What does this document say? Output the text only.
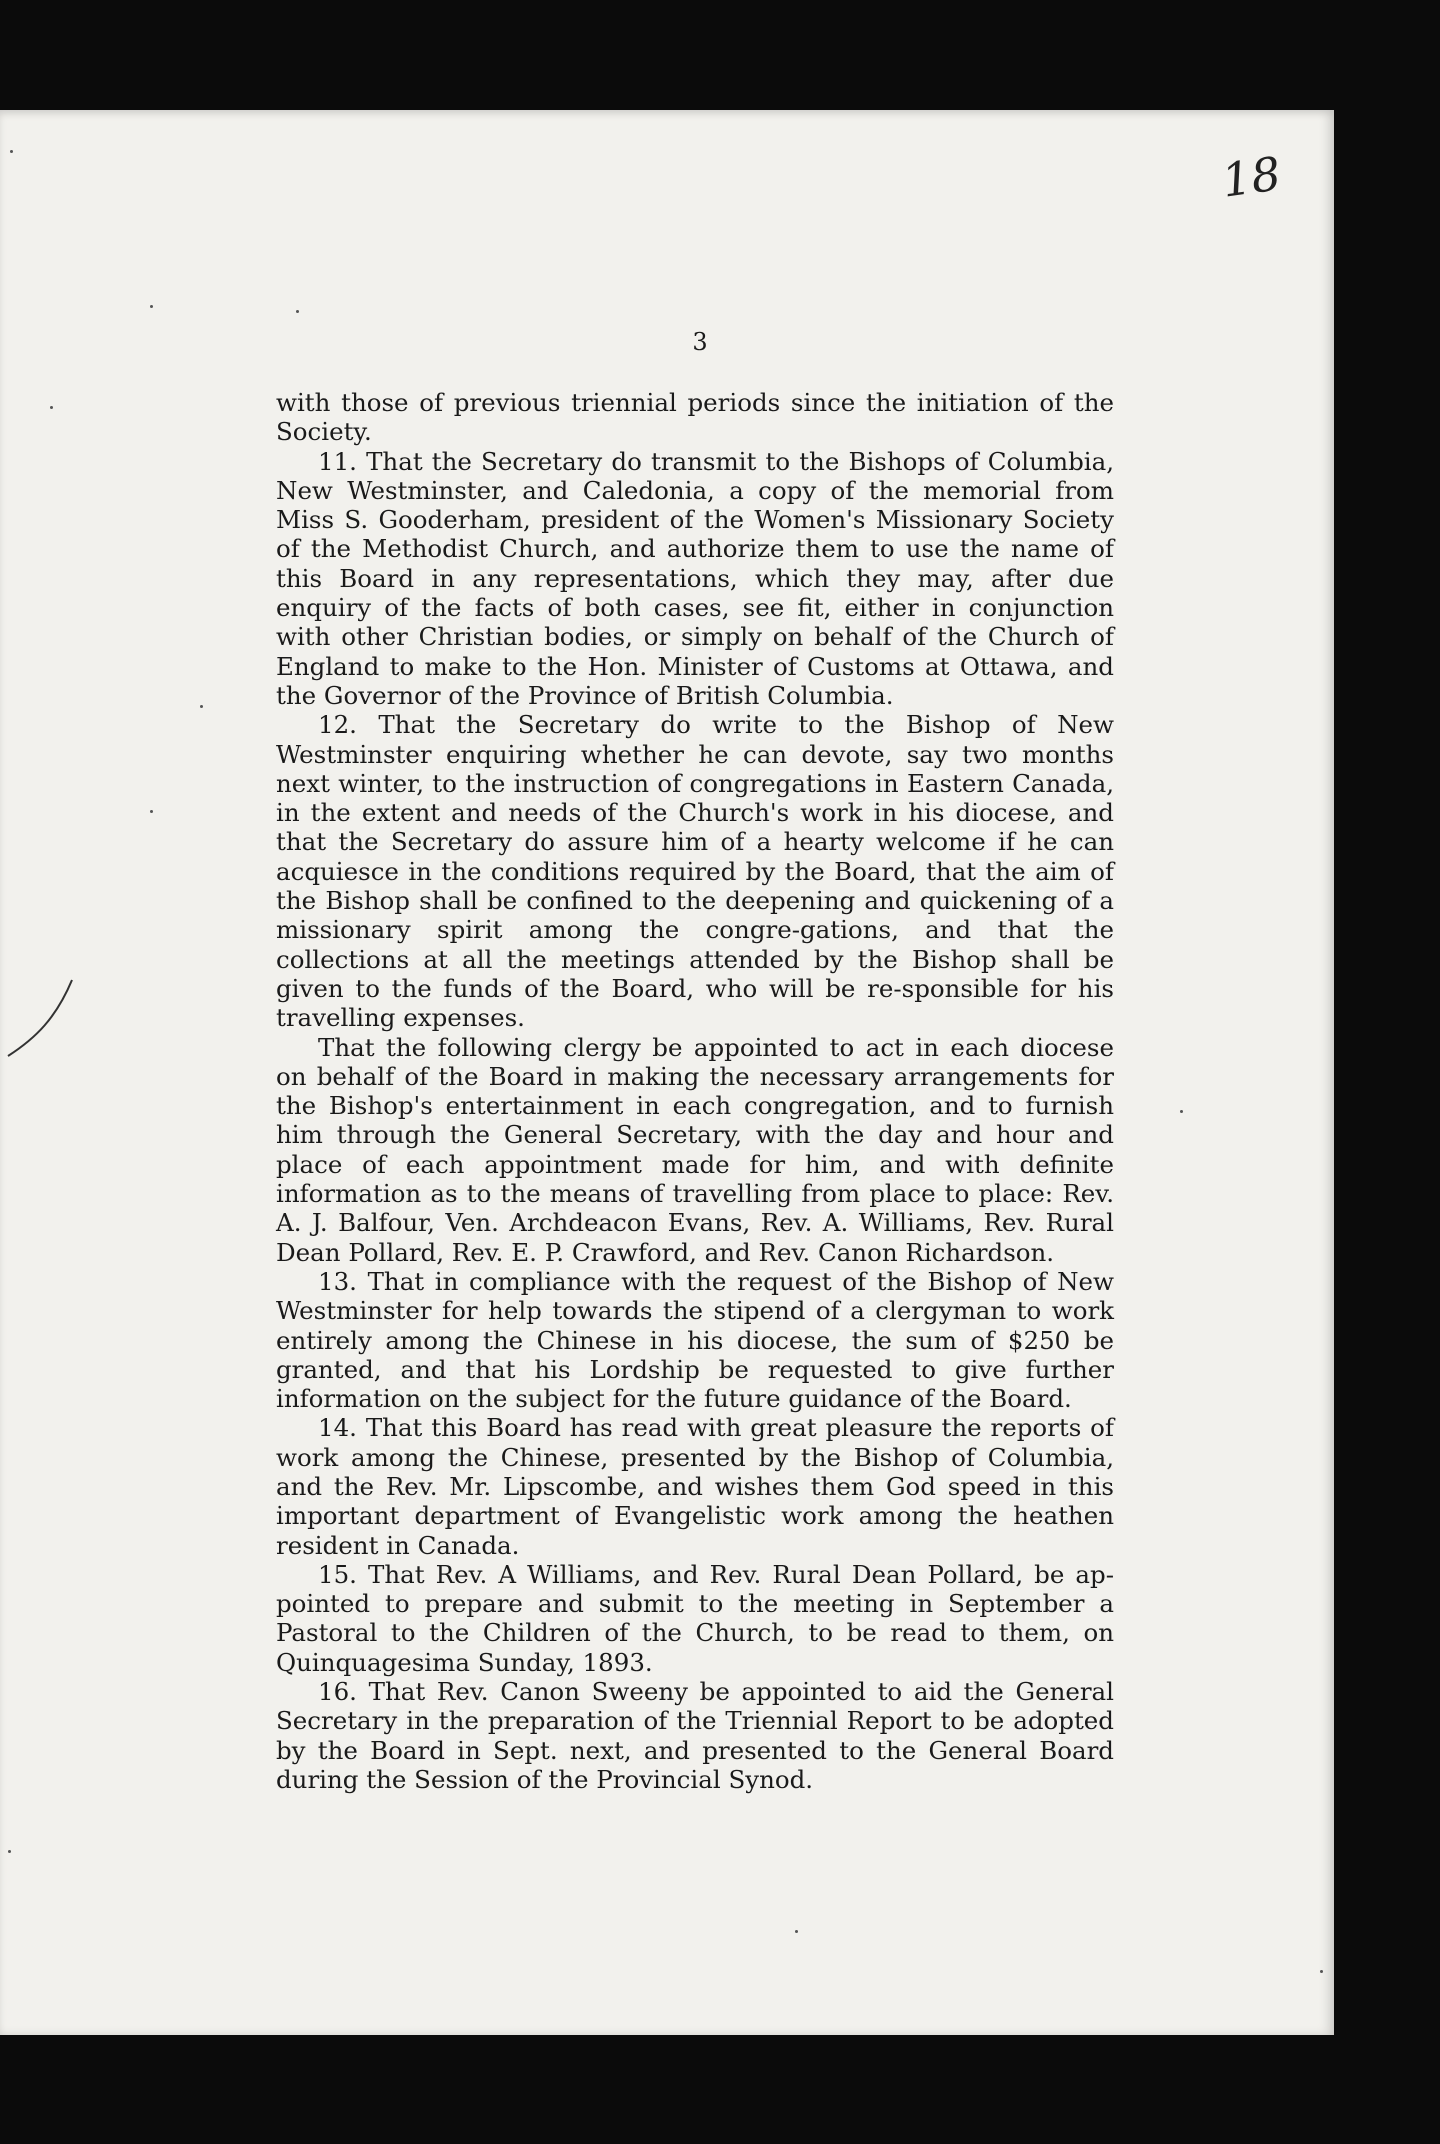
18
3

with those of previous triennial periods since the initiation of the Society.

11. That the Secretary do transmit to the Bishops of Columbia, New Westminster, and Caledonia, a copy of the memorial from Miss S. Gooderham, president of the Women's Missionary Society of the Methodist Church, and authorize them to use the name of this Board in any representations, which they may, after due enquiry of the facts of both cases, see fit, either in conjunction with other Christian bodies, or simply on behalf of the Church of England to make to the Hon. Minister of Customs at Ottawa, and the Governor of the Province of British Columbia.

12. That the Secretary do write to the Bishop of New Westminster enquiring whether he can devote, say two months next winter, to the instruction of congregations in Eastern Canada, in the extent and needs of the Church's work in his diocese, and that the Secretary do assure him of a hearty welcome if he can acquiesce in the conditions required by the Board, that the aim of the Bishop shall be confined to the deepening and quickening of a missionary spirit among the congre-gations, and that the collections at all the meetings attended by the Bishop shall be given to the funds of the Board, who will be re-sponsible for his travelling expenses.

That the following clergy be appointed to act in each diocese on behalf of the Board in making the necessary arrangements for the Bishop's entertainment in each congregation, and to furnish him through the General Secretary, with the day and hour and place of each appointment made for him, and with definite information as to the means of travelling from place to place: Rev. A. J. Balfour, Ven. Archdeacon Evans, Rev. A. Williams, Rev. Rural Dean Pollard, Rev. E. P. Crawford, and Rev. Canon Richardson.

13. That in compliance with the request of the Bishop of New Westminster for help towards the stipend of a clergyman to work entirely among the Chinese in his diocese, the sum of $250 be granted, and that his Lordship be requested to give further information on the subject for the future guidance of the Board.

14. That this Board has read with great pleasure the reports of work among the Chinese, presented by the Bishop of Columbia, and the Rev. Mr. Lipscombe, and wishes them God speed in this important department of Evangelistic work among the heathen resident in Canada.

15. That Rev. A Williams, and Rev. Rural Dean Pollard, be ap-pointed to prepare and submit to the meeting in September a Pastoral to the Children of the Church, to be read to them, on Quinquagesima Sunday, 1893.

16. That Rev. Canon Sweeny be appointed to aid the General Secretary in the preparation of the Triennial Report to be adopted by the Board in Sept. next, and presented to the General Board during the Session of the Provincial Synod.
